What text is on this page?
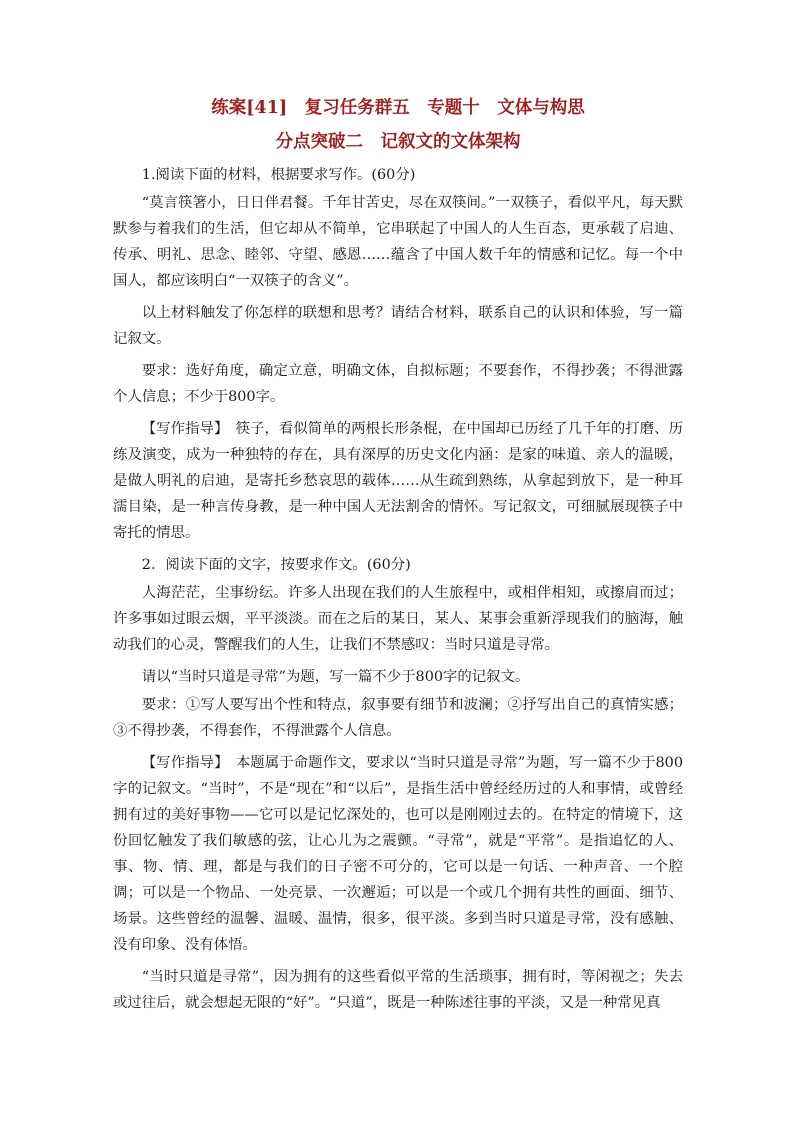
练案[41]　复习任务群五　专题十　文体与构思
分点突破二　记叙文的文体架构

1.阅读下面的材料，根据要求写作。(60分)

“莫言筷箸小，日日伴君餐。千年甘苦史，尽在双筷间。”一双筷子，看似平凡，每天默默参与着我们的生活，但它却从不简单，它串联起了中国人的人生百态，更承载了启迪、传承、明礼、思念、睦邻、守望、感恩……蕴含了中国人数千年的情感和记忆。每一个中国人，都应该明白“一双筷子的含义”。

以上材料触发了你怎样的联想和思考？请结合材料，联系自己的认识和体验，写一篇记叙文。

要求：选好角度，确定立意，明确文体，自拟标题；不要套作，不得抄袭；不得泄露个人信息；不少于800字。

【写作指导】　筷子，看似简单的两根长形条棍，在中国却已历经了几千年的打磨、历练及演变，成为一种独特的存在，具有深厚的历史文化内涵：是家的味道、亲人的温暖，是做人明礼的启迪，是寄托乡愁哀思的载体……从生疏到熟练，从拿起到放下，是一种耳濡目染，是一种言传身教，是一种中国人无法割舍的情怀。写记叙文，可细腻展现筷子中寄托的情思。

2．阅读下面的文字，按要求作文。(60分)

人海茫茫，尘事纷纭。许多人出现在我们的人生旅程中，或相伴相知，或擦肩而过；许多事如过眼云烟，平平淡淡。而在之后的某日，某人、某事会重新浮现我们的脑海，触动我们的心灵，警醒我们的人生，让我们不禁感叹：当时只道是寻常。

请以“当时只道是寻常”为题，写一篇不少于800字的记叙文。

要求：①写人要写出个性和特点，叙事要有细节和波澜；②抒写出自己的真情实感；③不得抄袭，不得套作，不得泄露个人信息。

【写作指导】　本题属于命题作文，要求以“当时只道是寻常”为题，写一篇不少于800字的记叙文。“当时”，不是“现在”和“以后”，是指生活中曾经经历过的人和事情，或曾经拥有过的美好事物——它可以是记忆深处的，也可以是刚刚过去的。在特定的情境下，这份回忆触发了我们敏感的弦，让心儿为之震颤。“寻常”，就是“平常”。是指追忆的人、事、物、情、理，都是与我们的日子密不可分的，它可以是一句话、一种声音、一个腔调；可以是一个物品、一处亮景、一次邂逅；可以是一个或几个拥有共性的画面、细节、场景。这些曾经的温馨、温暖、温情，很多，很平淡。多到当时只道是寻常，没有感触、没有印象、没有体悟。

“当时只道是寻常”，因为拥有的这些看似平常的生活琐事，拥有时，等闲视之；失去或过往后，就会想起无限的“好”。“只道”，既是一种陈述往事的平淡，又是一种常见真
